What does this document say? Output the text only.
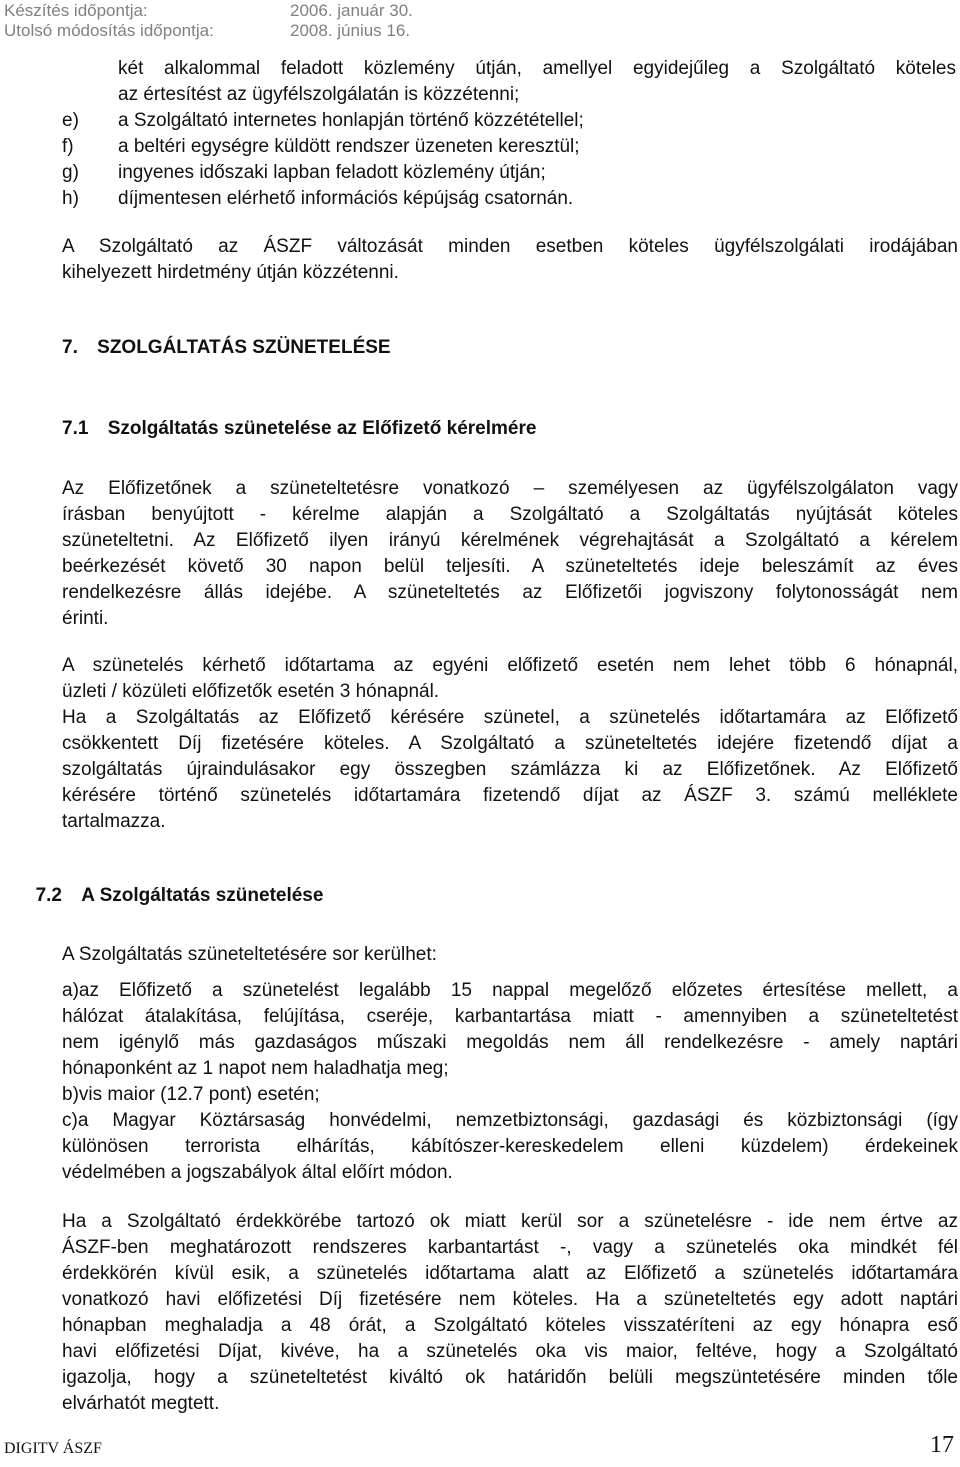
Készítés időpontja:	2006. január 30.
Utolsó módosítás időpontja:	2008. június 16.
két alkalommal feladott közlemény útján, amellyel egyidejűleg a Szolgáltató köteles
az értesítést az ügyfélszolgálatán is közzétenni;
e) a Szolgáltató internetes honlapján történő közzététellel;
f) a beltéri egységre küldött rendszer üzeneten keresztül;
g) ingyenes időszaki lapban feladott közlemény útján;
h) díjmentesen elérhető információs képújság csatornán.
A Szolgáltató az ÁSZF változását minden esetben köteles ügyfélszolgálati irodájában
kihelyezett hirdetmény útján közzétenni.
7. SZOLGÁLTATÁS SZÜNETELÉSE
7.1 Szolgáltatás szünetelése az Előfizető kérelmére
Az Előfizetőnek a szüneteltetésre vonatkozó – személyesen az ügyfélszolgálaton vagy
írásban benyújtott - kérelme alapján a Szolgáltató a Szolgáltatás nyújtását köteles
szüneteltetni. Az Előfizető ilyen irányú kérelmének végrehajtását a Szolgáltató a kérelem
beérkezését követő 30 napon belül teljesíti. A szüneteltetés ideje beleszámít az éves
rendelkezésre állás idejébe. A szüneteltetés az Előfizetői jogviszony folytonosságát nem
érinti.
A szünetelés kérhető időtartama az egyéni előfizető esetén nem lehet több 6 hónapnál,
üzleti / közületi előfizetők esetén 3 hónapnál.
Ha a Szolgáltatás az Előfizető kérésére szünetel, a szünetelés időtartamára az Előfizető
csökkentett Díj fizetésére köteles. A Szolgáltató a szüneteltetés idejére fizetendő díjat a
szolgáltatás újraindulásakor egy összegben számlázza ki az Előfizetőnek. Az Előfizető
kérésére történő szünetelés időtartamára fizetendő díjat az ÁSZF 3. számú melléklete
tartalmazza.
7.2 A Szolgáltatás szünetelése
A Szolgáltatás szüneteltetésére sor kerülhet:
a)az Előfizető a szünetelést legalább 15 nappal megelőző előzetes értesítése mellett, a
hálózat átalakítása, felújítása, cseréje, karbantartása miatt - amennyiben a szüneteltetést
nem igénylő más gazdaságos műszaki megoldás nem áll rendelkezésre - amely naptári
hónaponként az 1 napot nem haladhatja meg;
b)vis maior (12.7 pont) esetén;
c)a Magyar Köztársaság honvédelmi, nemzetbiztonsági, gazdasági és közbiztonsági (így
különösen terrorista elhárítás, kábítószer-kereskedelem elleni küzdelem) érdekeinek
védelmében a jogszabályok által előírt módon.
Ha a Szolgáltató érdekkörébe tartozó ok miatt kerül sor a szünetelésre - ide nem értve az
ÁSZF-ben meghatározott rendszeres karbantartást -, vagy a szünetelés oka mindkét fél
érdekkörén kívül esik, a szünetelés időtartama alatt az Előfizető a szünetelés időtartamára
vonatkozó havi előfizetési Díj fizetésére nem köteles. Ha a szüneteltetés egy adott naptári
hónapban meghaladja a 48 órát, a Szolgáltató köteles visszatéríteni az egy hónapra eső
havi előfizetési Díjat, kivéve, ha a szünetelés oka vis maior, feltéve, hogy a Szolgáltató
igazolja, hogy a szüneteltetést kiváltó ok határidőn belüli megszüntetésére minden tőle
elvárhatót megtett.
DIGITV ÁSZF	17
